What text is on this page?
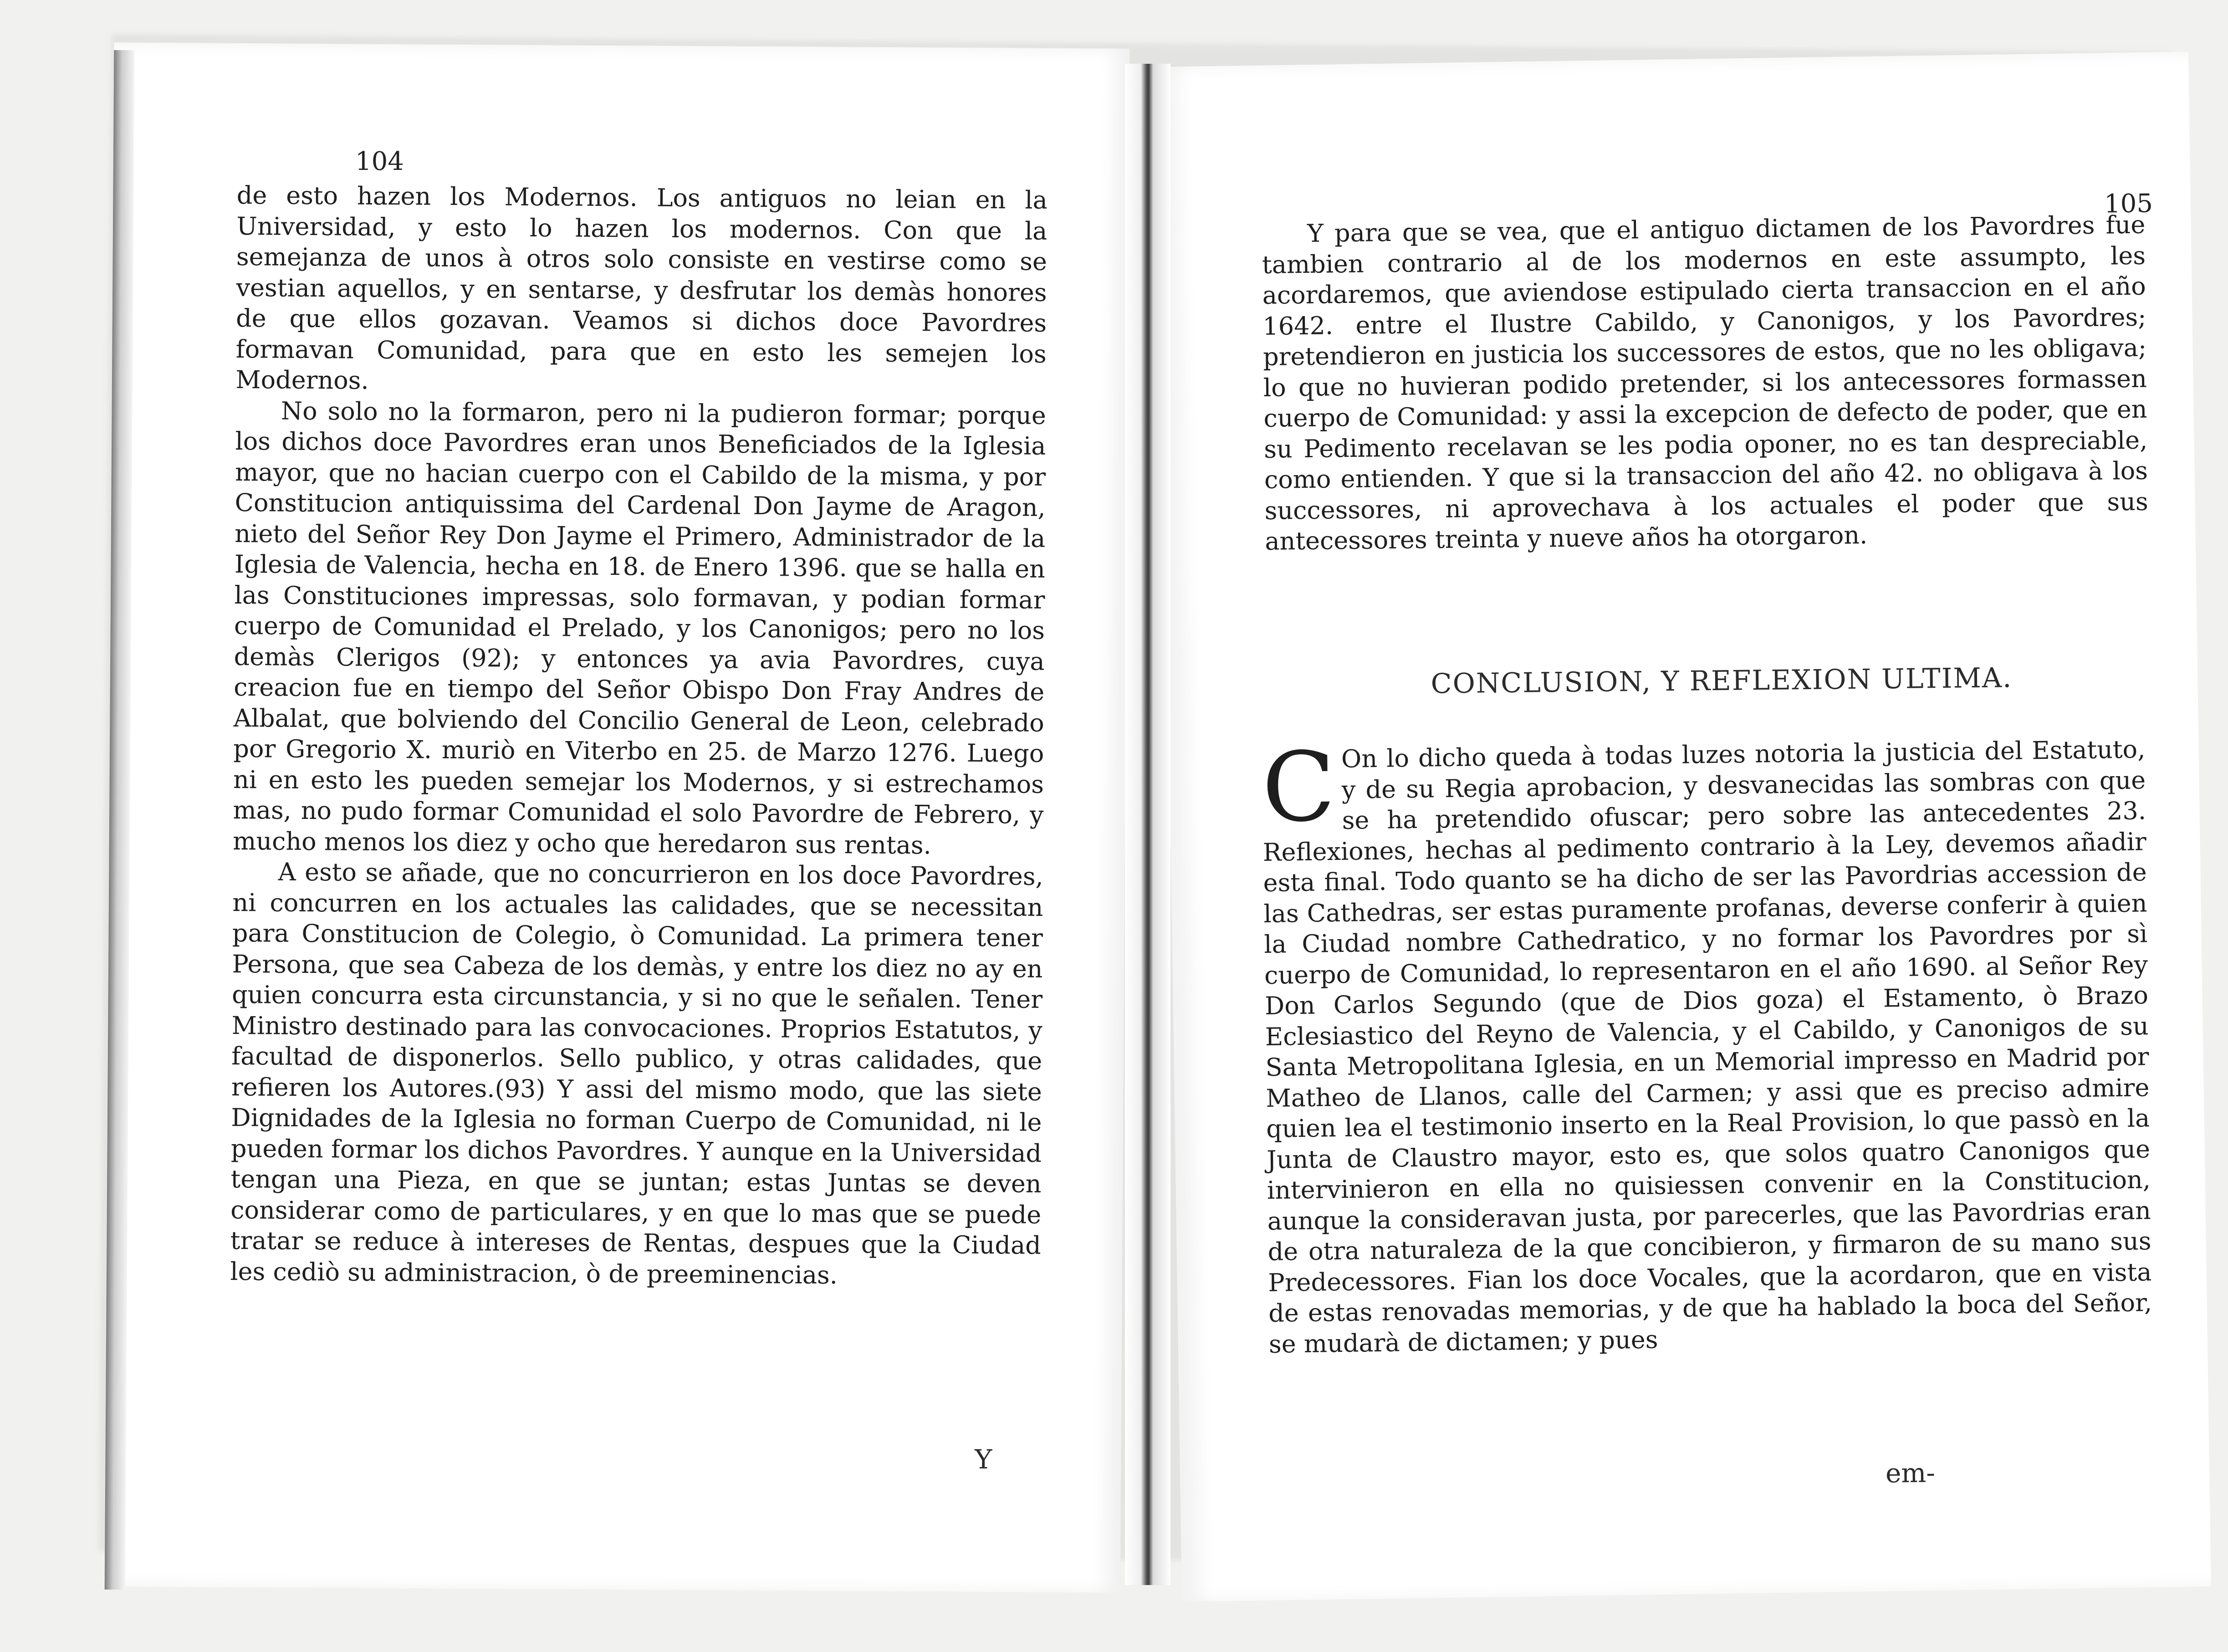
104

de esto hazen los Modernos. Los antiguos no leian en la Universidad, y esto lo hazen los modernos. Con que la semejanza de unos à otros solo consiste en vestirse como se vestian aquellos, y en sentarse, y desfrutar los demàs honores de que ellos gozavan. Veamos si dichos doce Pavordres formavan Comunidad, para que en esto les semejen los Modernos.

No solo no la formaron, pero ni la pudieron formar; porque los dichos doce Pavordres eran unos Beneficiados de la Iglesia mayor, que no hacian cuerpo con el Cabildo de la misma, y por Constitucion antiquissima del Cardenal Don Jayme de Aragon, nieto del Señor Rey Don Jayme el Primero, Administrador de la Iglesia de Valencia, hecha en 18. de Enero 1396. que se halla en las Constituciones impressas, solo formavan, y podian formar cuerpo de Comunidad el Prelado, y los Canonigos; pero no los demàs Clerigos (92); y entonces ya avia Pavordres, cuya creacion fue en tiempo del Señor Obispo Don Fray Andres de Albalat, que bolviendo del Concilio General de Leon, celebrado por Gregorio X. muriò en Viterbo en 25. de Marzo 1276. Luego ni en esto les pueden semejar los Modernos, y si estrechamos mas, no pudo formar Comunidad el solo Pavordre de Febrero, y mucho menos los diez y ocho que heredaron sus rentas.

A esto se añade, que no concurrieron en los doce Pavordres, ni concurren en los actuales las calidades, que se necessitan para Constitucion de Colegio, ò Comunidad. La primera tener Persona, que sea Cabeza de los demàs, y entre los diez no ay en quien concurra esta circunstancia, y si no que le señalen. Tener Ministro destinado para las convocaciones. Proprios Estatutos, y facultad de disponerlos. Sello publico, y otras calidades, que refieren los Autores.(93) Y assi del mismo modo, que las siete Dignidades de la Iglesia no forman Cuerpo de Comunidad, ni le pueden formar los dichos Pavordres. Y aunque en la Universidad tengan una Pieza, en que se juntan; estas Juntas se deven considerar como de particulares, y en que lo mas que se puede tratar se reduce à intereses de Rentas, despues que la Ciudad les cediò su administracion, ò de preeminencias.

Y
105

Y para que se vea, que el antiguo dictamen de los Pavordres fue tambien contrario al de los modernos en este assumpto, les acordaremos, que aviendose estipulado cierta transaccion en el año 1642. entre el Ilustre Cabildo, y Canonigos, y los Pavordres; pretendieron en justicia los successores de estos, que no les obligava; lo que no huvieran podido pretender, si los antecessores formassen cuerpo de Comunidad: y assi la excepcion de defecto de poder, que en su Pedimento recelavan se les podia oponer, no es tan despreciable, como entienden. Y que si la transaccion del año 42. no obligava à los successores, ni aprovechava à los actuales el poder que sus antecessores treinta y nueve años ha otorgaron.

CONCLUSION, Y REFLEXION ULTIMA.
C On lo dicho queda à todas luzes notoria la justicia del Estatuto, y de su Regia aprobacion, y desvanecidas las sombras con que se ha pretendido ofuscar; pero sobre las antecedentes 23. Reflexiones, hechas al pedimento contrario à la Ley, devemos añadir esta final. Todo quanto se ha dicho de ser las Pavordrias accession de las Cathedras, ser estas puramente profanas, deverse conferir à quien la Ciudad nombre Cathedratico, y no formar los Pavordres por sì cuerpo de Comunidad, lo representaron en el año 1690. al Señor Rey Don Carlos Segundo (que de Dios goza) el Estamento, ò Brazo Eclesiastico del Reyno de Valencia, y el Cabildo, y Canonigos de su Santa Metropolitana Iglesia, en un Memorial impresso en Madrid por Matheo de Llanos, calle del Carmen; y assi que es preciso admire quien lea el testimonio inserto en la Real Provision, lo que passò en la Junta de Claustro mayor, esto es, que solos quatro Canonigos que intervinieron en ella no quisiessen convenir en la Constitucion, aunque la consideravan justa, por parecerles, que las Pavordrias eran de otra naturaleza de la que concibieron, y firmaron de su mano sus Predecessores. Fian los doce Vocales, que la acordaron, que en vista de estas renovadas memorias, y de que ha hablado la boca del Señor, se mudarà de dictamen; y pues

em-
